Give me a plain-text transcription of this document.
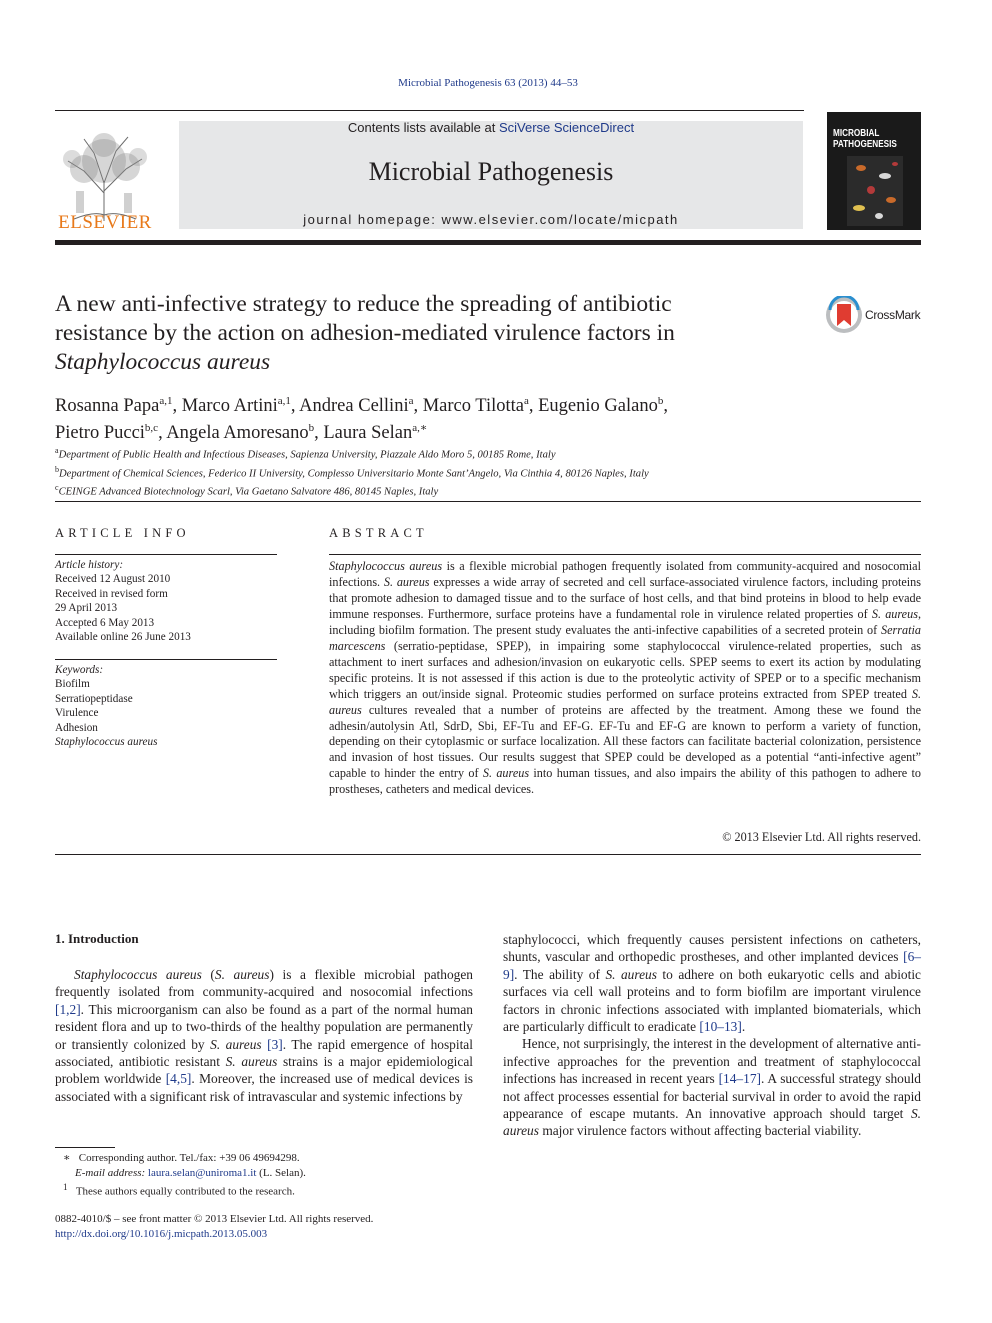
Microbial Pathogenesis 63 (2013) 44–53
ELSEVIER
Contents lists available at SciVerse ScienceDirect
Microbial Pathogenesis
journal homepage: www.elsevier.com/locate/micpath
MICROBIAL
PATHOGENESIS
A new anti-infective strategy to reduce the spreading of antibiotic
resistance by the action on adhesion-mediated virulence factors in
Staphylococcus aureus
CrossMark
Rosanna Papa$^{a,1}$, Marco Artini$^{a,1}$, Andrea Cellini$^a$, Marco Tilotta$^a$, Eugenio Galano$^b$,
Pietro Pucci$^{b,c}$, Angela Amoresano$^b$, Laura Selan$^{a,∗}$
$^a$Department of Public Health and Infectious Diseases, Sapienza University, Piazzale Aldo Moro 5, 00185 Rome, Italy
$^b$Department of Chemical Sciences, Federico II University, Complesso Universitario Monte Sant’Angelo, Via Cinthia 4, 80126 Naples, Italy
$^c$CEINGE Advanced Biotechnology Scarl, Via Gaetano Salvatore 486, 80145 Naples, Italy
ARTICLE INFO
Article history:
Received 12 August 2010
Received in revised form
29 April 2013
Accepted 6 May 2013
Available online 26 June 2013
Keywords:
Biofilm
Serratiopeptidase
Virulence
Adhesion
Staphylococcus aureus
ABSTRACT
Staphylococcus aureus is a flexible microbial pathogen frequently isolated from community-acquired and nosocomial infections. S. aureus expresses a wide array of secreted and cell surface-associated virulence factors, including proteins that promote adhesion to damaged tissue and to the surface of host cells, and that bind proteins in blood to help evade immune responses. Furthermore, surface proteins have a fundamental role in virulence related properties of S. aureus, including biofilm formation. The present study evaluates the anti-infective capabilities of a secreted protein of Serratia marcescens (serratio-peptidase, SPEP), in impairing some staphylococcal virulence-related properties, such as attachment to inert surfaces and adhesion/invasion on eukaryotic cells. SPEP seems to exert its action by modulating specific proteins. It is not assessed if this action is due to the proteolytic activity of SPEP or to a specific mechanism which triggers an out/inside signal. Proteomic studies performed on surface proteins extracted from SPEP treated S. aureus cultures revealed that a number of proteins are affected by the treatment. Among these we found the adhesin/autolysin Atl, SdrD, Sbi, EF-Tu and EF-G. EF-Tu and EF-G are known to perform a variety of function, depending on their cytoplasmic or surface localization. All these factors can facilitate bacterial colonization, persistence and invasion of host tissues. Our results suggest that SPEP could be developed as a potential “anti-infective agent” capable to hinder the entry of S. aureus into human tissues, and also impairs the ability of this pathogen to adhere to prostheses, catheters and medical devices.
© 2013 Elsevier Ltd. All rights reserved.
1. Introduction

Staphylococcus aureus (S. aureus) is a flexible microbial pathogen frequently isolated from community-acquired and nosocomial infections [1,2]. This microorganism can also be found as a part of the normal human resident flora and up to two-thirds of the healthy population are permanently or transiently colonized by S. aureus [3]. The rapid emergence of hospital associated, antibiotic resistant S. aureus strains is a major epidemiological problem worldwide [4,5]. Moreover, the increased use of medical devices is associated with a significant risk of intravascular and systemic infections by

staphylococci, which frequently causes persistent infections on catheters, shunts, vascular and orthopedic prostheses, and other implanted devices [6–9]. The ability of S. aureus to adhere on both eukaryotic cells and abiotic surfaces via cell wall proteins and to form biofilm are important virulence factors in chronic infections associated with implanted biomaterials, which are particularly difficult to eradicate [10–13].

Hence, not surprisingly, the interest in the development of alternative anti-infective approaches for the prevention and treatment of staphylococcal infections has increased in recent years [14–17]. A successful strategy should not affect processes essential for bacterial survival in order to avoid the rapid appearance of escape mutants. An innovative approach should target S. aureus major virulence factors without affecting bacterial viability.

∗ Corresponding author. Tel./fax: +39 06 49694298.
E-mail address: laura.selan@uniroma1.it (L. Selan).
$^1$ These authors equally contributed to the research.
0882-4010/$ – see front matter © 2013 Elsevier Ltd. All rights reserved.
http://dx.doi.org/10.1016/j.micpath.2013.05.003
